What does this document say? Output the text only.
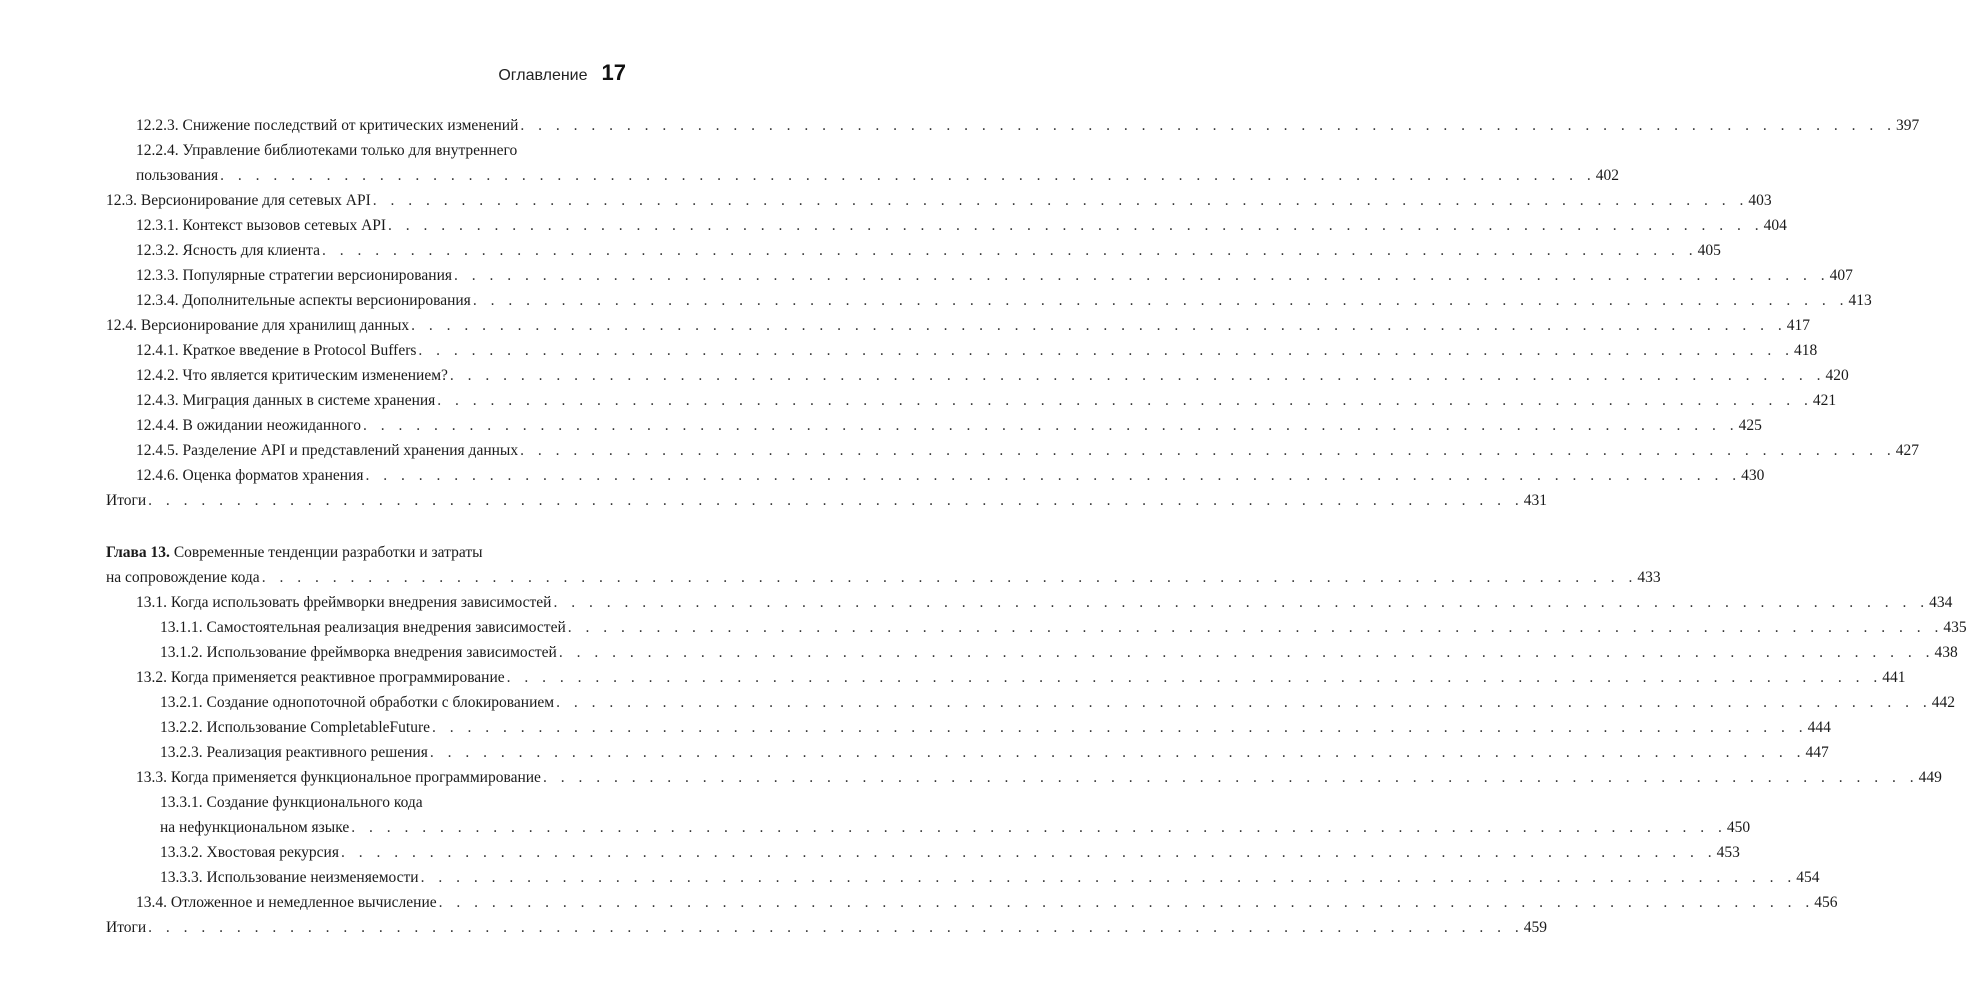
Оглавление 17
12.2.3. Снижение последствий от критических изменений . . . . . . . . . . . . . . . . . . . . . . . . . . . . . . . . . . . . . . . . . . . . . . . . . . . . . . . . . . . . . . . . . . . . . . . . . . . . . . 397
12.2.4. Управление библиотеками только для внутреннего
пользования . . . . . . . . . . . . . . . . . . . . . . . . . . . . . . . . . . . . . . . . . . . . . . . . . . . . . . . . . . . . . . . . . . . . . . . . . . . . . . 402
12.3. Версионирование для сетевых API . . . . . . . . . . . . . . . . . . . . . . . . . . . . . . . . . . . . . . . . . . . . . . . . . . . . . . . . . . . . . . . . . . . . . . . . . . . . . . 403
12.3.1. Контекст вызовов сетевых API . . . . . . . . . . . . . . . . . . . . . . . . . . . . . . . . . . . . . . . . . . . . . . . . . . . . . . . . . . . . . . . . . . . . . . . . . . . . . . 404
12.3.2. Ясность для клиента . . . . . . . . . . . . . . . . . . . . . . . . . . . . . . . . . . . . . . . . . . . . . . . . . . . . . . . . . . . . . . . . . . . . . . . . . . . . . . 405
12.3.3. Популярные стратегии версионирования . . . . . . . . . . . . . . . . . . . . . . . . . . . . . . . . . . . . . . . . . . . . . . . . . . . . . . . . . . . . . . . . . . . . . . . . . . . . . . 407
12.3.4. Дополнительные аспекты версионирования . . . . . . . . . . . . . . . . . . . . . . . . . . . . . . . . . . . . . . . . . . . . . . . . . . . . . . . . . . . . . . . . . . . . . . . . . . . . . . 413
12.4. Версионирование для хранилищ данных . . . . . . . . . . . . . . . . . . . . . . . . . . . . . . . . . . . . . . . . . . . . . . . . . . . . . . . . . . . . . . . . . . . . . . . . . . . . . . 417
12.4.1. Краткое введение в Protocol Buffers . . . . . . . . . . . . . . . . . . . . . . . . . . . . . . . . . . . . . . . . . . . . . . . . . . . . . . . . . . . . . . . . . . . . . . . . . . . . . . 418
12.4.2. Что является критическим изменением? . . . . . . . . . . . . . . . . . . . . . . . . . . . . . . . . . . . . . . . . . . . . . . . . . . . . . . . . . . . . . . . . . . . . . . . . . . . . . . 420
12.4.3. Миграция данных в системе хранения . . . . . . . . . . . . . . . . . . . . . . . . . . . . . . . . . . . . . . . . . . . . . . . . . . . . . . . . . . . . . . . . . . . . . . . . . . . . . . 421
12.4.4. В ожидании неожиданного . . . . . . . . . . . . . . . . . . . . . . . . . . . . . . . . . . . . . . . . . . . . . . . . . . . . . . . . . . . . . . . . . . . . . . . . . . . . . . 425
12.4.5. Разделение API и представлений хранения данных . . . . . . . . . . . . . . . . . . . . . . . . . . . . . . . . . . . . . . . . . . . . . . . . . . . . . . . . . . . . . . . . . . . . . . . . . . . . . . 427
12.4.6. Оценка форматов хранения . . . . . . . . . . . . . . . . . . . . . . . . . . . . . . . . . . . . . . . . . . . . . . . . . . . . . . . . . . . . . . . . . . . . . . . . . . . . . . 430
Итоги . . . . . . . . . . . . . . . . . . . . . . . . . . . . . . . . . . . . . . . . . . . . . . . . . . . . . . . . . . . . . . . . . . . . . . . . . . . . . . 431
Глава 13. Современные тенденции разработки и затраты
на сопровождение кода . . . . . . . . . . . . . . . . . . . . . . . . . . . . . . . . . . . . . . . . . . . . . . . . . . . . . . . . . . . . . . . . . . . . . . . . . . . . . . 433
13.1. Когда использовать фреймворки внедрения зависимостей . . . . . . . . . . . . . . . . . . . . . . . . . . . . . . . . . . . . . . . . . . . . . . . . . . . . . . . . . . . . . . . . . . . . . . . . . . . . . . 434
13.1.1. Самостоятельная реализация внедрения зависимостей . . . . . . . . . . . . . . . . . . . . . . . . . . . . . . . . . . . . . . . . . . . . . . . . . . . . . . . . . . . . . . . . . . . . . . . . . . . . . . 435
13.1.2. Использование фреймворка внедрения зависимостей . . . . . . . . . . . . . . . . . . . . . . . . . . . . . . . . . . . . . . . . . . . . . . . . . . . . . . . . . . . . . . . . . . . . . . . . . . . . . . 438
13.2. Когда применяется реактивное программирование . . . . . . . . . . . . . . . . . . . . . . . . . . . . . . . . . . . . . . . . . . . . . . . . . . . . . . . . . . . . . . . . . . . . . . . . . . . . . . 441
13.2.1. Создание однопоточной обработки с блокированием . . . . . . . . . . . . . . . . . . . . . . . . . . . . . . . . . . . . . . . . . . . . . . . . . . . . . . . . . . . . . . . . . . . . . . . . . . . . . . 442
13.2.2. Использование CompletableFuture . . . . . . . . . . . . . . . . . . . . . . . . . . . . . . . . . . . . . . . . . . . . . . . . . . . . . . . . . . . . . . . . . . . . . . . . . . . . . . 444
13.2.3. Реализация реактивного решения . . . . . . . . . . . . . . . . . . . . . . . . . . . . . . . . . . . . . . . . . . . . . . . . . . . . . . . . . . . . . . . . . . . . . . . . . . . . . . 447
13.3. Когда применяется функциональное программирование . . . . . . . . . . . . . . . . . . . . . . . . . . . . . . . . . . . . . . . . . . . . . . . . . . . . . . . . . . . . . . . . . . . . . . . . . . . . . . 449
13.3.1. Создание функционального кода
на нефункциональном языке . . . . . . . . . . . . . . . . . . . . . . . . . . . . . . . . . . . . . . . . . . . . . . . . . . . . . . . . . . . . . . . . . . . . . . . . . . . . . . 450
13.3.2. Хвостовая рекурсия . . . . . . . . . . . . . . . . . . . . . . . . . . . . . . . . . . . . . . . . . . . . . . . . . . . . . . . . . . . . . . . . . . . . . . . . . . . . . . 453
13.3.3. Использование неизменяемости . . . . . . . . . . . . . . . . . . . . . . . . . . . . . . . . . . . . . . . . . . . . . . . . . . . . . . . . . . . . . . . . . . . . . . . . . . . . . . 454
13.4. Отложенное и немедленное вычисление . . . . . . . . . . . . . . . . . . . . . . . . . . . . . . . . . . . . . . . . . . . . . . . . . . . . . . . . . . . . . . . . . . . . . . . . . . . . . . 456
Итоги . . . . . . . . . . . . . . . . . . . . . . . . . . . . . . . . . . . . . . . . . . . . . . . . . . . . . . . . . . . . . . . . . . . . . . . . . . . . . . 459
